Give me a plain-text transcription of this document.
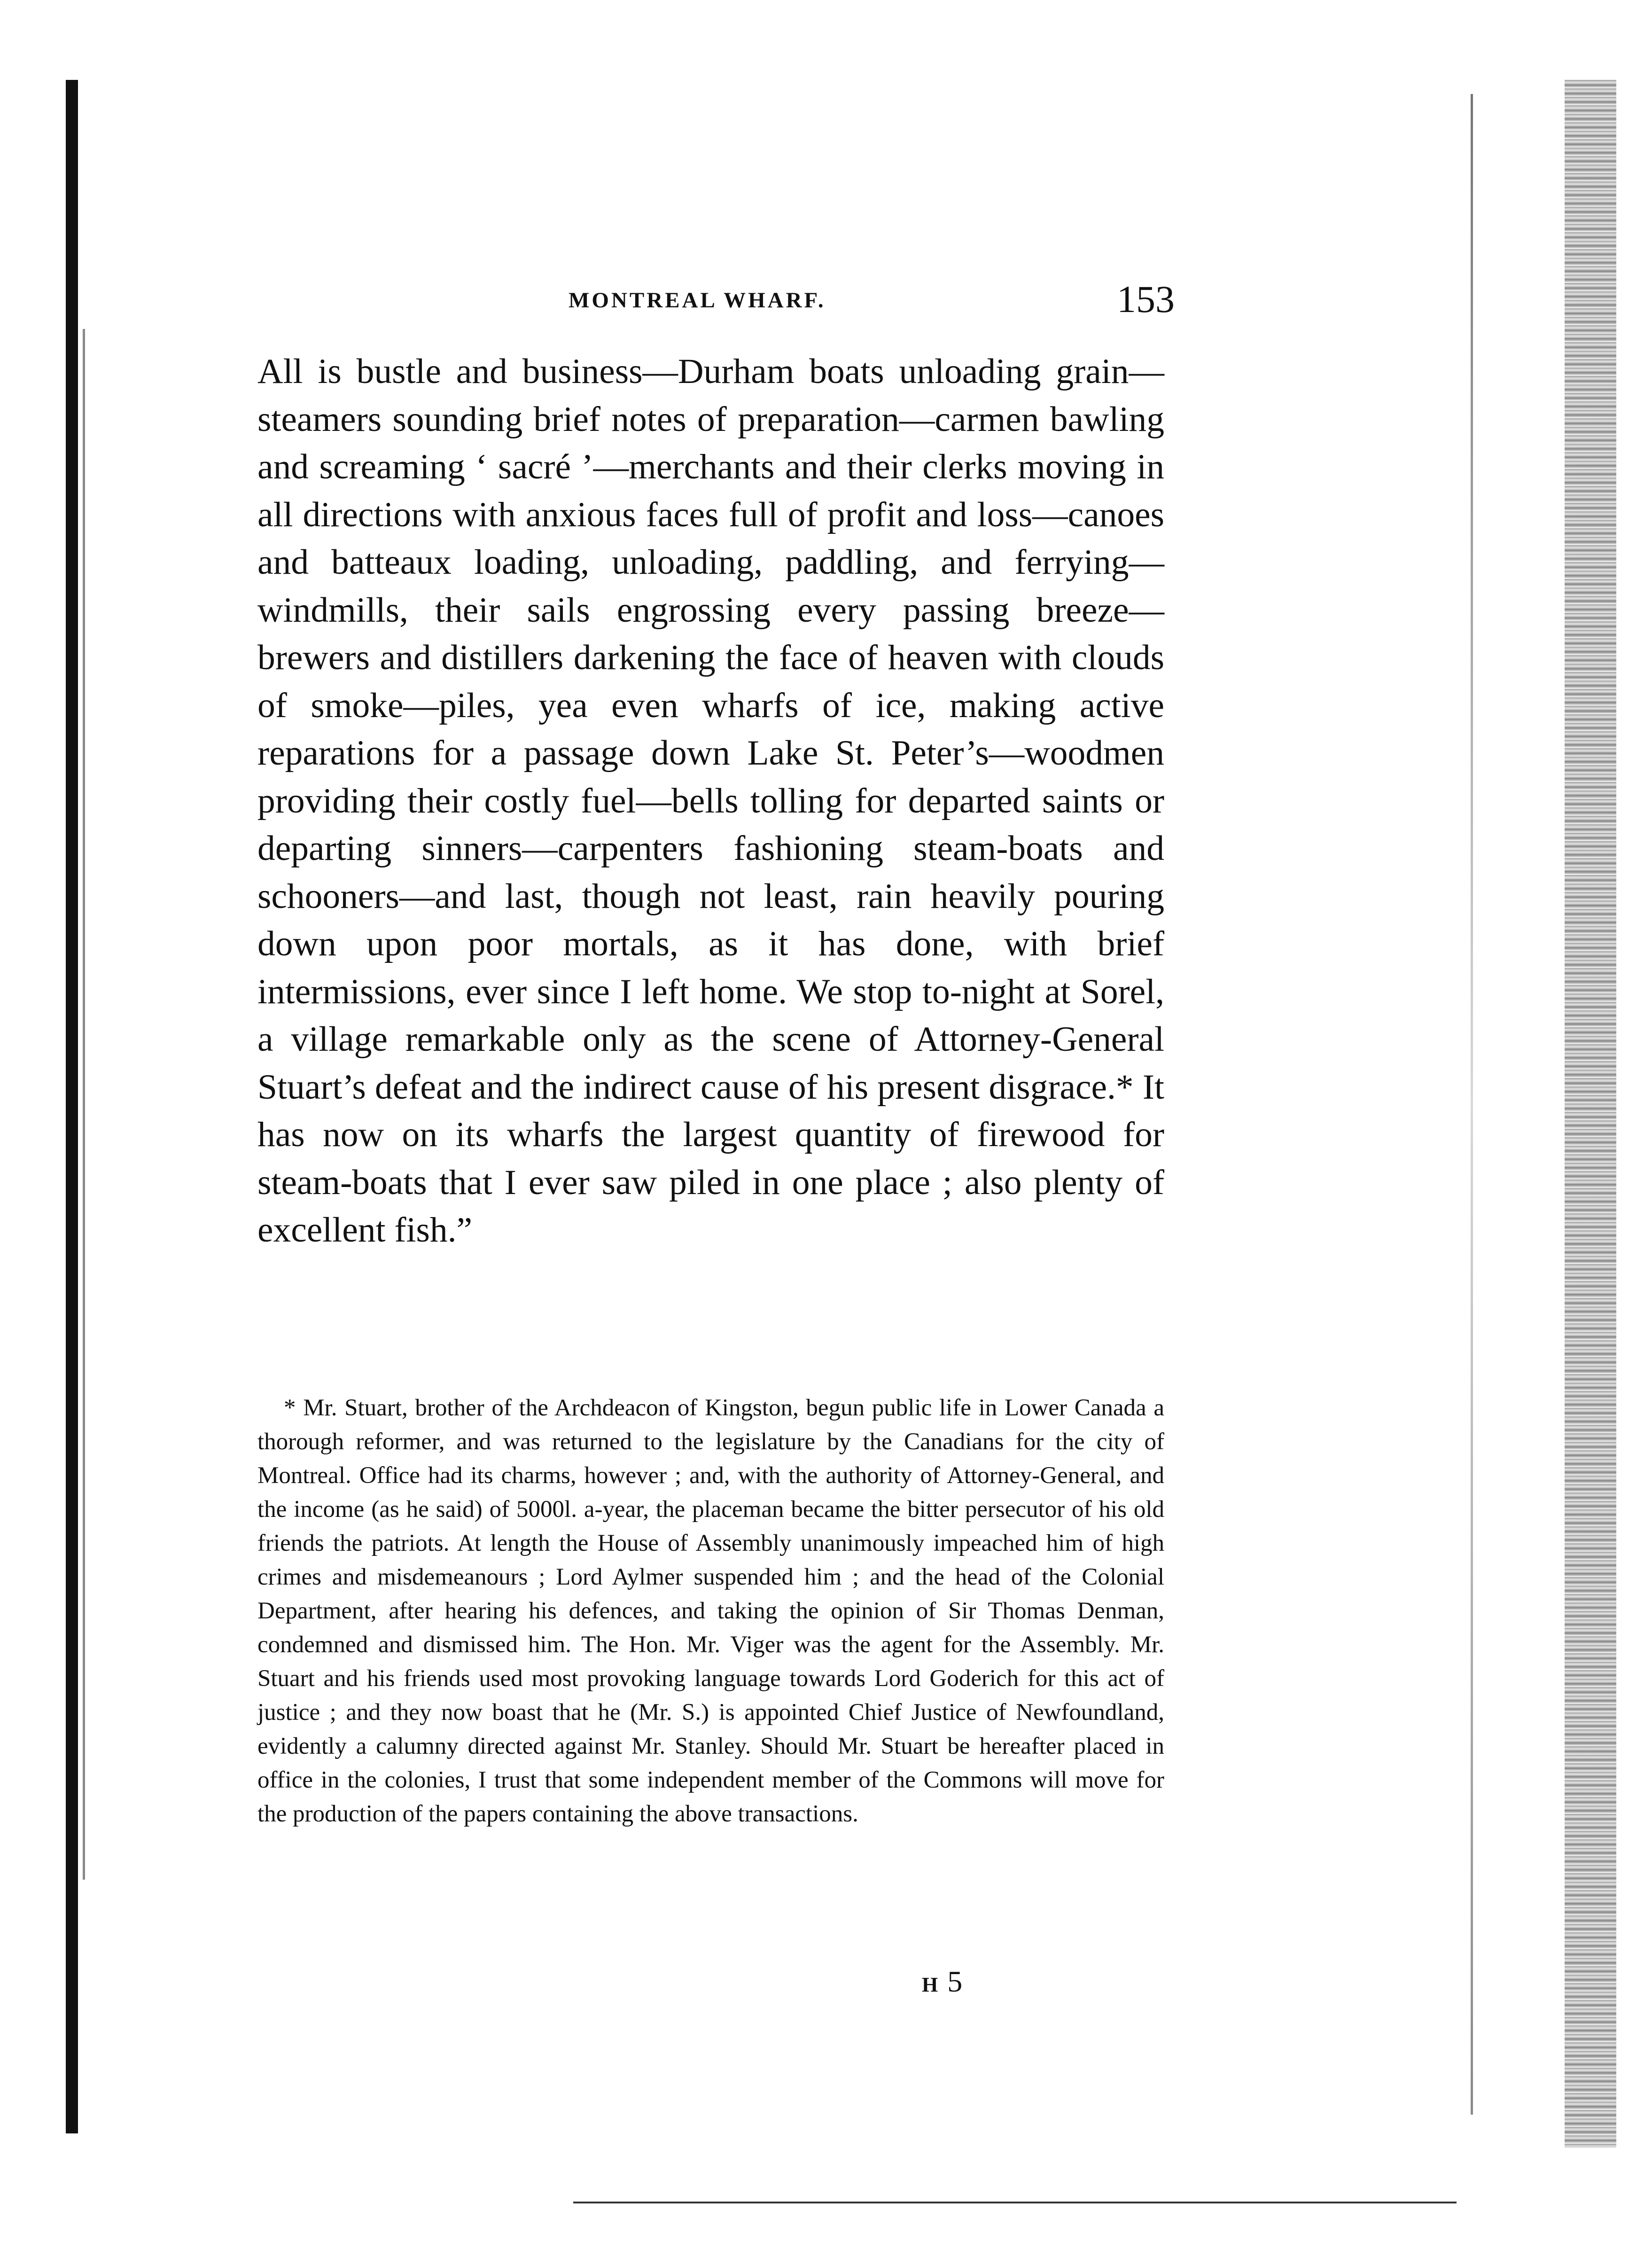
MONTREAL WHARF.	153

All is bustle and business—Durham boats unloading grain—steamers sounding brief notes of preparation—carmen bawling and screaming ‘ sacré ’—merchants and their clerks moving in all directions with anxious faces full of profit and loss—canoes and batteaux loading, unloading, paddling, and ferrying—windmills, their sails engrossing every passing breeze—brewers and distillers darkening the face of heaven with clouds of smoke—piles, yea even wharfs of ice, making active reparations for a passage down Lake St. Peter’s—woodmen providing their costly fuel—bells tolling for departed saints or departing sinners—carpenters fashioning steam-boats and schooners—and last, though not least, rain heavily pouring down upon poor mortals, as it has done, with brief intermissions, ever since I left home. We stop to-night at Sorel, a village remarkable only as the scene of Attorney-General Stuart’s defeat and the indirect cause of his present disgrace.* It has now on its wharfs the largest quantity of firewood for steam-boats that I ever saw piled in one place ; also plenty of excellent fish.”

* Mr. Stuart, brother of the Archdeacon of Kingston, begun public life in Lower Canada a thorough reformer, and was returned to the legislature by the Canadians for the city of Montreal. Office had its charms, however ; and, with the authority of Attorney-General, and the income (as he said) of 5000l. a-year, the placeman became the bitter persecutor of his old friends the patriots. At length the House of Assembly unanimously impeached him of high crimes and misdemeanours ; Lord Aylmer suspended him ; and the head of the Colonial Department, after hearing his defences, and taking the opinion of Sir Thomas Denman, condemned and dismissed him. The Hon. Mr. Viger was the agent for the Assembly. Mr. Stuart and his friends used most provoking language towards Lord Goderich for this act of justice ; and they now boast that he (Mr. S.) is appointed Chief Justice of Newfoundland, evidently a calumny directed against Mr. Stanley. Should Mr. Stuart be hereafter placed in office in the colonies, I trust that some independent member of the Commons will move for the production of the papers containing the above transactions.

H 5
